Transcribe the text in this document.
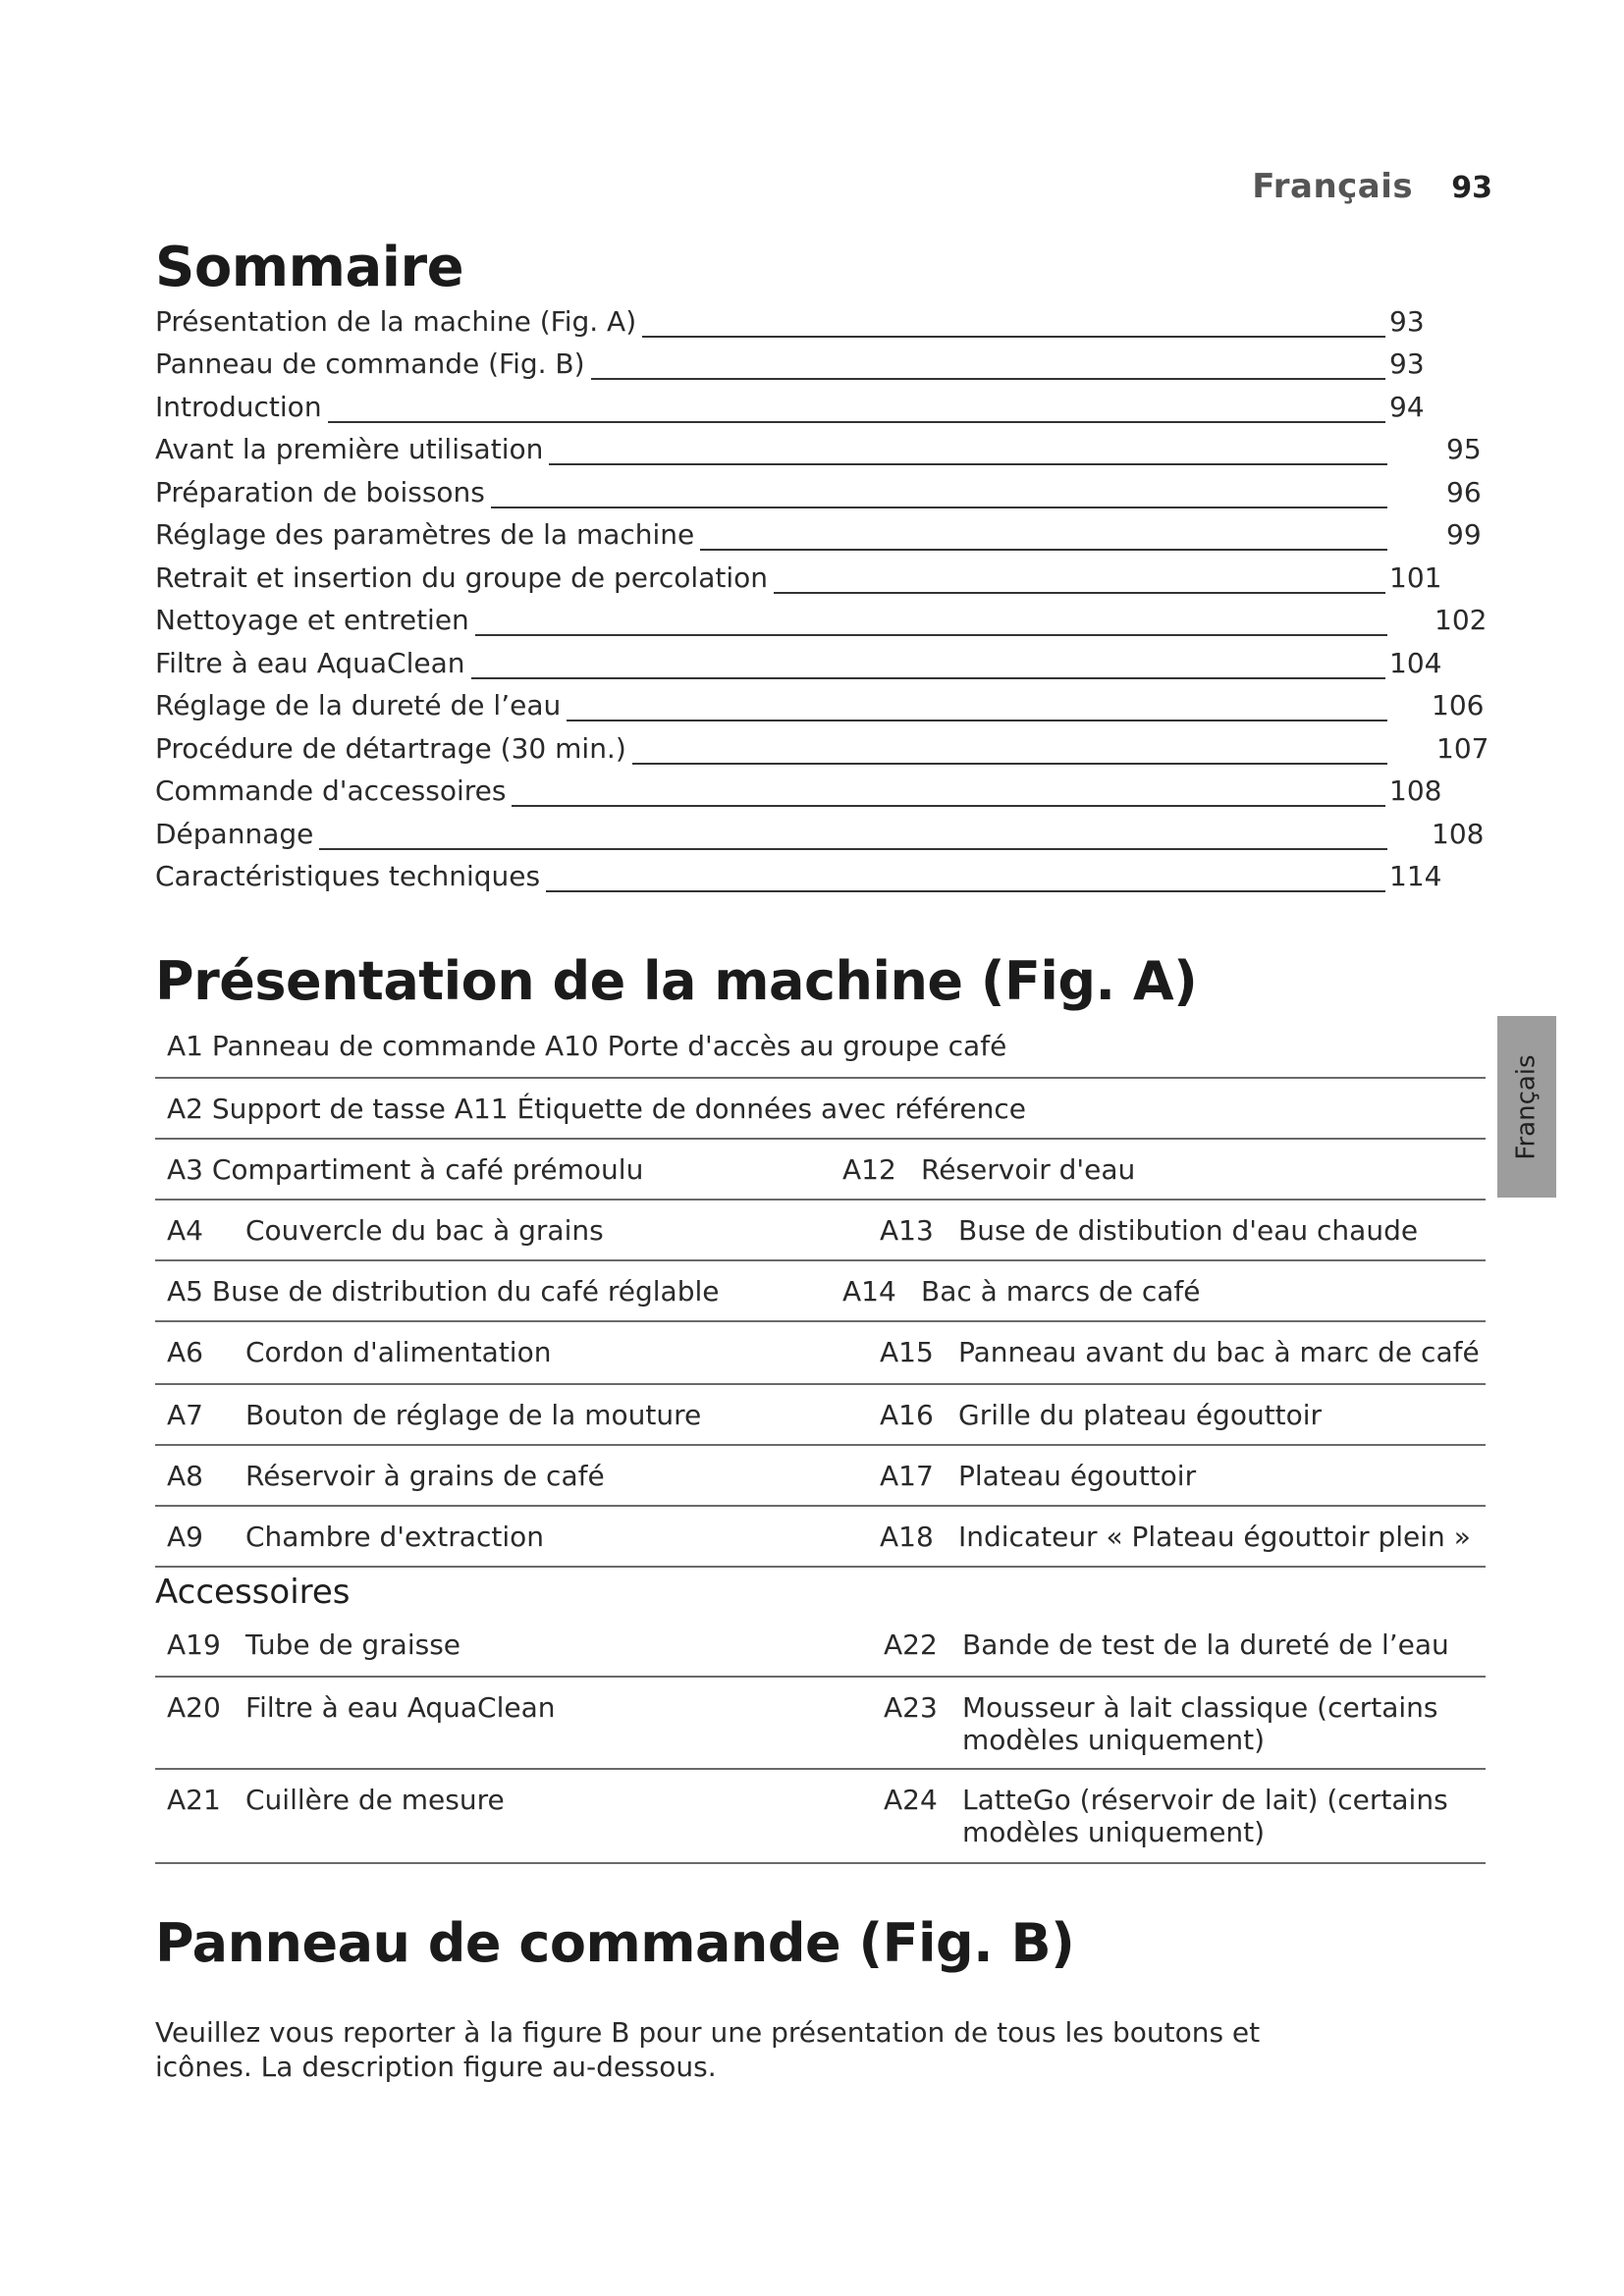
Français 93
Français
Sommaire
Présentation de la machine (Fig. A)	93
Panneau de commande (Fig. B)	93
Introduction	94
Avant la première utilisation	95
Préparation de boissons	96
Réglage des paramètres de la machine	99
Retrait et insertion du groupe de percolation	101
Nettoyage et entretien	102
Filtre à eau AquaClean	104
Réglage de la dureté de l’eau	106
Procédure de détartrage (30 min.)	107
Commande d'accessoires	108
Dépannage	108
Caractéristiques techniques	114
Présentation de la machine (Fig. A)
A1 Panneau de commande A10 Porte d'accès au groupe café
A2 Support de tasse A11 Étiquette de données avec référence
A3 Compartiment à café prémoulu	A12 Réservoir d'eau
A4	Couvercle du bac à grains	A13 Buse de distibution d'eau chaude
A5 Buse de distribution du café réglable	A14 Bac à marcs de café
A6	Cordon d'alimentation	A15 Panneau avant du bac à marc de café
A7	Bouton de réglage de la mouture	A16 Grille du plateau égouttoir
A8	Réservoir à grains de café	A17 Plateau égouttoir
A9	Chambre d'extraction	A18 Indicateur « Plateau égouttoir plein »
Accessoires
A19 Tube de graisse	A22 Bande de test de la dureté de l’eau
A20 Filtre à eau AquaClean	A23 Mousseur à lait classique (certains modèles uniquement)
A21 Cuillère de mesure	A24 LatteGo (réservoir de lait) (certains modèles uniquement)
Panneau de commande (Fig. B)

Veuillez vous reporter à la figure B pour une présentation de tous les boutons et icônes. La description figure au-dessous.
